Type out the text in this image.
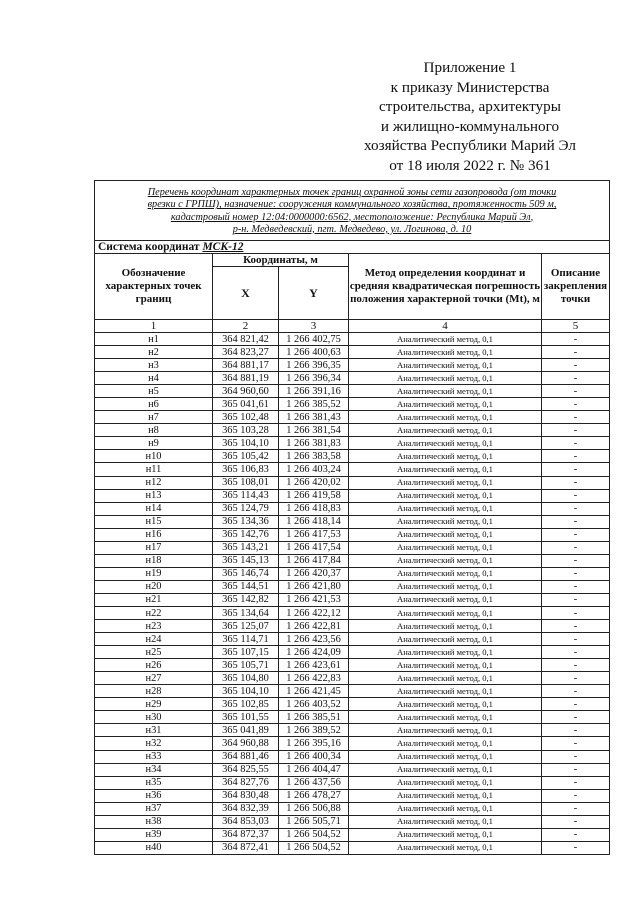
Приложение 1
к приказу Министерства
строительства, архитектуры
и жилищно-коммунального
хозяйства Республики Марий Эл
от 18 июля 2022 г. № 361
Перечень координат характерных точек границ охранной зоны сети газопровода (от точки
врезки с ГРПШ), назначение: сооружения коммунального хозяйства, протяженность 509 м,
кадастровый номер 12:04:0000000:6562, местоположение: Республика Марий Эл,
р-н. Медведевский, пгт. Медведево, ул. Логинова, д. 10				

Система координат МСК-12				
Обозначение характерных точек границ	Координаты, м		Метод определения координат и средняя квадратическая погрешность положения характерной точки (Mt), м	Описание закрепления точки
	X	Y		
1	2	3	4	5
н1	364 821,42	1 266 402,75	Аналитический метод, 0,1	-
н2	364 823,27	1 266 400,63	Аналитический метод, 0,1	-
н3	364 881,17	1 266 396,35	Аналитический метод, 0,1	-
н4	364 881,19	1 266 396,34	Аналитический метод, 0,1	-
н5	364 960,60	1 266 391,16	Аналитический метод, 0,1	-
н6	365 041,61	1 266 385,52	Аналитический метод, 0,1	-
н7	365 102,48	1 266 381,43	Аналитический метод, 0,1	-
н8	365 103,28	1 266 381,54	Аналитический метод, 0,1	-
н9	365 104,10	1 266 381,83	Аналитический метод, 0,1	-
н10	365 105,42	1 266 383,58	Аналитический метод, 0,1	-
н11	365 106,83	1 266 403,24	Аналитический метод, 0,1	-
н12	365 108,01	1 266 420,02	Аналитический метод, 0,1	-
н13	365 114,43	1 266 419,58	Аналитический метод, 0,1	-
н14	365 124,79	1 266 418,83	Аналитический метод, 0,1	-
н15	365 134,36	1 266 418,14	Аналитический метод, 0,1	-
н16	365 142,76	1 266 417,53	Аналитический метод, 0,1	-
н17	365 143,21	1 266 417,54	Аналитический метод, 0,1	-
н18	365 145,13	1 266 417,84	Аналитический метод, 0,1	-
н19	365 146,74	1 266 420,37	Аналитический метод, 0,1	-
н20	365 144,51	1 266 421,80	Аналитический метод, 0,1	-
н21	365 142,82	1 266 421,53	Аналитический метод, 0,1	-
н22	365 134,64	1 266 422,12	Аналитический метод, 0,1	-
н23	365 125,07	1 266 422,81	Аналитический метод, 0,1	-
н24	365 114,71	1 266 423,56	Аналитический метод, 0,1	-
н25	365 107,15	1 266 424,09	Аналитический метод, 0,1	-
н26	365 105,71	1 266 423,61	Аналитический метод, 0,1	-
н27	365 104,80	1 266 422,83	Аналитический метод, 0,1	-
н28	365 104,10	1 266 421,45	Аналитический метод, 0,1	-
н29	365 102,85	1 266 403,52	Аналитический метод, 0,1	-
н30	365 101,55	1 266 385,51	Аналитический метод, 0,1	-
н31	365 041,89	1 266 389,52	Аналитический метод, 0,1	-
н32	364 960,88	1 266 395,16	Аналитический метод, 0,1	-
н33	364 881,46	1 266 400,34	Аналитический метод, 0,1	-
н34	364 825,55	1 266 404,47	Аналитический метод, 0,1	-
н35	364 827,76	1 266 437,56	Аналитический метод, 0,1	-
н36	364 830,48	1 266 478,27	Аналитический метод, 0,1	-
н37	364 832,39	1 266 506,88	Аналитический метод, 0,1	-
н38	364 853,03	1 266 505,71	Аналитический метод, 0,1	-
н39	364 872,37	1 266 504,52	Аналитический метод, 0,1	-
н40	364 872,41	1 266 504,52	Аналитический метод, 0,1	-
